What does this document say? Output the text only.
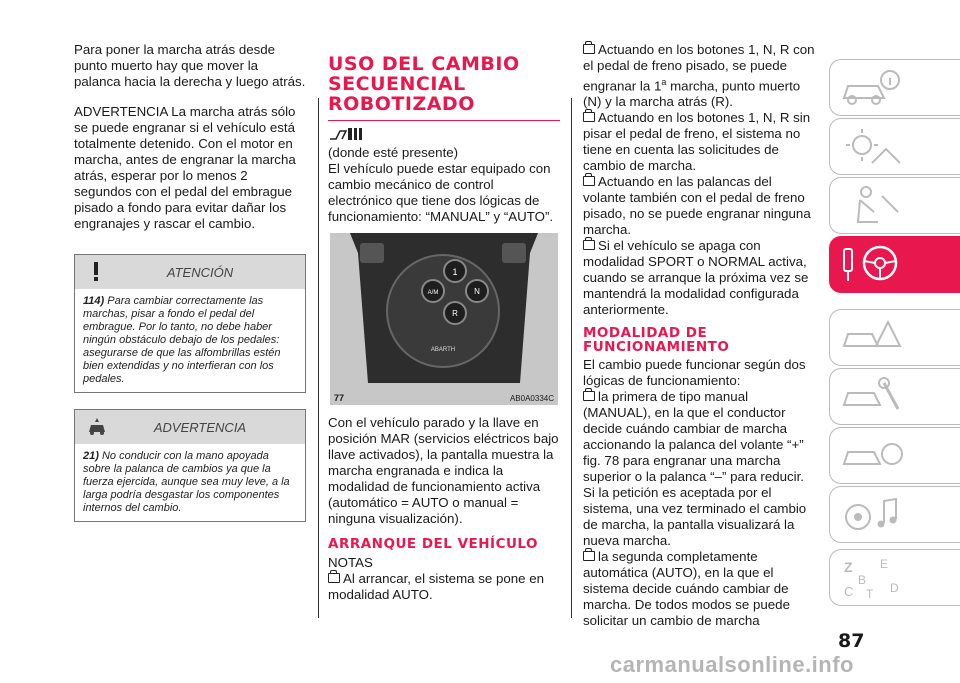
Para poner la marcha atrás desde punto muerto hay que mover la palanca hacia la derecha y luego atrás.

ADVERTENCIA La marcha atrás sólo se puede engranar si el vehículo está totalmente detenido. Con el motor en marcha, antes de engranar la marcha atrás, esperar por lo menos 2 segundos con el pedal del embrague pisado a fondo para evitar dañar los engranajes y rascar el cambio.

ATENCIÓN
114) Para cambiar correctamente las marchas, pisar a fondo el pedal del embrague. Por lo tanto, no debe haber ningún obstáculo debajo de los pedales: asegurarse de que las alfombrillas estén bien extendidas y no interfieran con los pedales.
ADVERTENCIA
21) No conducir con la mano apoyada sobre la palanca de cambios ya que la fuerza ejercida, aunque sea muy leve, a la larga podría desgastar los componentes internos del cambio.
USO DEL CAMBIO SECUENCIAL ROBOTIZADO

(donde esté presente)

El vehículo puede estar equipado con cambio mecánico de control electrónico que tiene dos lógicas de funcionamiento: “MANUAL” y “AUTO”.

1
A/M	N
R
ABARTH
77	AB0A0334C

Con el vehículo parado y la llave en posición MAR (servicios eléctricos bajo llave activados), la pantalla muestra la marcha engranada e indica la modalidad de funcionamiento activa (automático = AUTO o manual = ninguna visualización).

ARRANQUE DEL VEHÍCULO

NOTAS

Al arrancar, el sistema se pone en modalidad AUTO.

Actuando en los botones 1, N, R con el pedal de freno pisado, se puede engranar la 1$^a$ marcha, punto muerto (N) y la marcha atrás (R).

Actuando en los botones 1, N, R sin pisar el pedal de freno, el sistema no tiene en cuenta las solicitudes de cambio de marcha.

Actuando en las palancas del volante también con el pedal de freno pisado, no se puede engranar ninguna marcha.

Si el vehículo se apaga con modalidad SPORT o NORMAL activa, cuando se arranque la próxima vez se mantendrá la modalidad configurada anteriormente.

MODALIDAD DE FUNCIONAMIENTO

El cambio puede funcionar según dos lógicas de funcionamiento:

la primera de tipo manual (MANUAL), en la que el conductor decide cuándo cambiar de marcha accionando la palanca del volante “+” fig. 78 para engranar una marcha superior o la palanca “–” para reducir. Si la petición es aceptada por el sistema, una vez terminado el cambio de marcha, la pantalla visualizará la nueva marcha.

la segunda completamente automática (AUTO), en la que el sistema decide cuándo cambiar de marcha. De todos modos se puede solicitar un cambio de marcha

Z E
B
C T D
87
carmanualsonline.info
